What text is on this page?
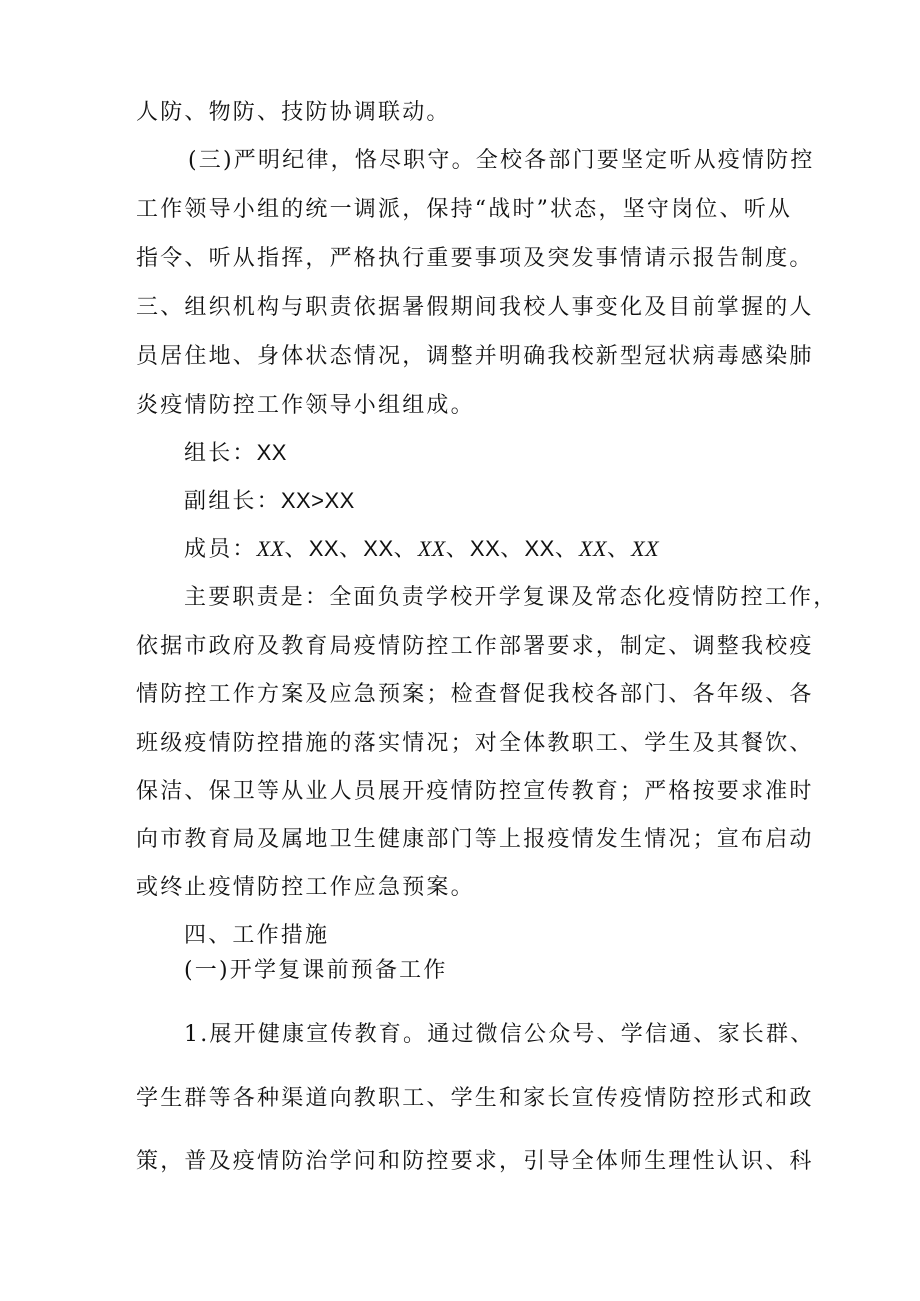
人防、物防、技防协调联动。

(三)严明纪律，恪尽职守。全校各部门要坚定听从疫情防控

工作领导小组的统一调派，保持“战时”状态，坚守岗位、听从

指令、听从指挥，严格执行重要事项及突发事情请示报告制度。

三、组织机构与职责依据暑假期间我校人事变化及目前掌握的人

员居住地、身体状态情况，调整并明确我校新型冠状病毒感染肺

炎疫情防控工作领导小组组成。

组长：XX

副组长：XX>XX

成员：XX、XX、XX、XX、XX、XX、XX、XX

主要职责是：全面负责学校开学复课及常态化疫情防控工作，

依据市政府及教育局疫情防控工作部署要求，制定、调整我校疫

情防控工作方案及应急预案；检查督促我校各部门、各年级、各

班级疫情防控措施的落实情况；对全体教职工、学生及其餐饮、

保洁、保卫等从业人员展开疫情防控宣传教育；严格按要求准时

向市教育局及属地卫生健康部门等上报疫情发生情况；宣布启动

或终止疫情防控工作应急预案。

四、工作措施

(一)开学复课前预备工作

1.展开健康宣传教育。通过微信公众号、学信通、家长群、

学生群等各种渠道向教职工、学生和家长宣传疫情防控形式和政

策，普及疫情防治学问和防控要求，引导全体师生理性认识、科
